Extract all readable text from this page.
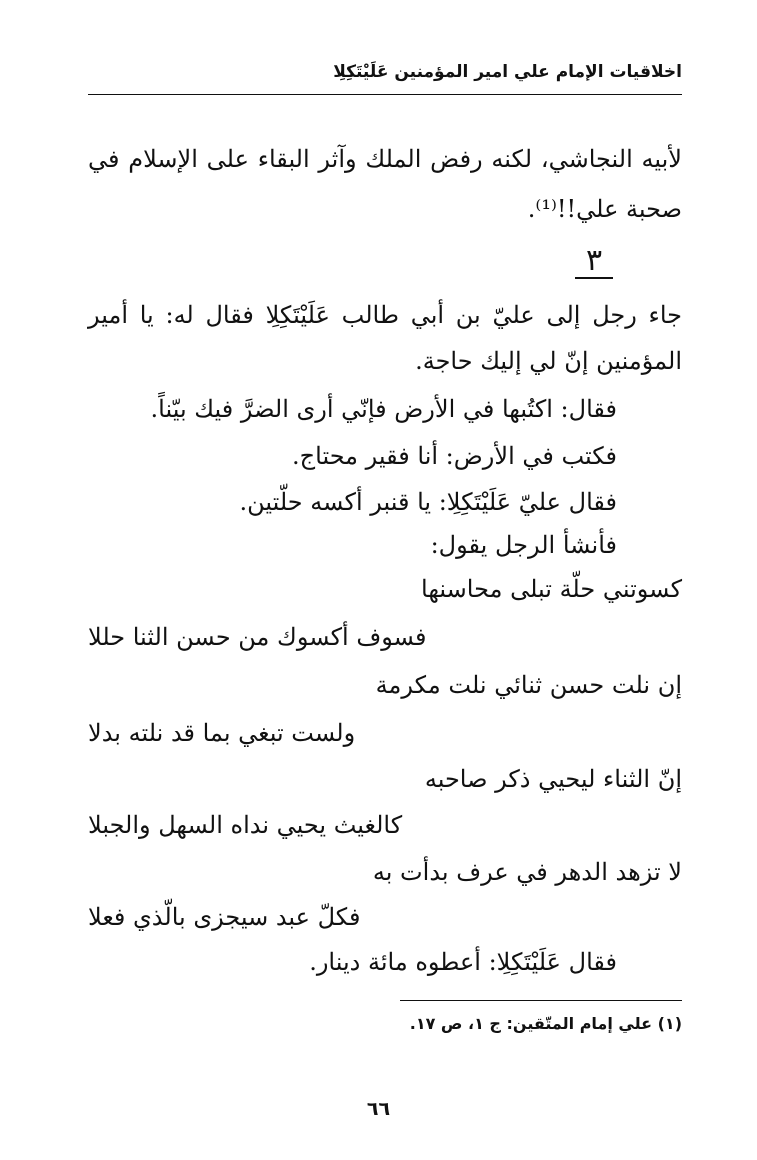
اخلاقيات الإمام علي امير المؤمنين عَلَيْتَكِلِا
لأبيه النجاشي، لكنه رفض الملك وآثر البقاء على الإسلام في
صحبة علي!!⁽¹⁾.
٣
جاء رجل إلى عليّ بن أبي طالب عَلَيْتَكِلِا فقال له: يا أمير
المؤمنين إنّ لي إليك حاجة.
فقال: اكتُبها في الأرض فإنّي أرى الضرَّ فيك بيّناً.
فكتب في الأرض: أنا فقير محتاج.
فقال عليّ عَلَيْتَكِلِا: يا قنبر أكسه حلّتين.
فأنشأ الرجل يقول:
كسوتني حلّة تبلى محاسنها
فسوف أكسوك من حسن الثنا حللا
إن نلت حسن ثنائي نلت مكرمة
ولست تبغي بما قد نلته بدلا
إنّ الثناء ليحيي ذكر صاحبه
كالغيث يحيي نداه السهل والجبلا
لا تزهد الدهر في عرف بدأت به
فكلّ عبد سيجزى بالّذي فعلا
فقال عَلَيْتَكِلِا: أعطوه مائة دينار.
(١) علي إمام المتّقين: ج ١، ص ١٧.
٦٦
